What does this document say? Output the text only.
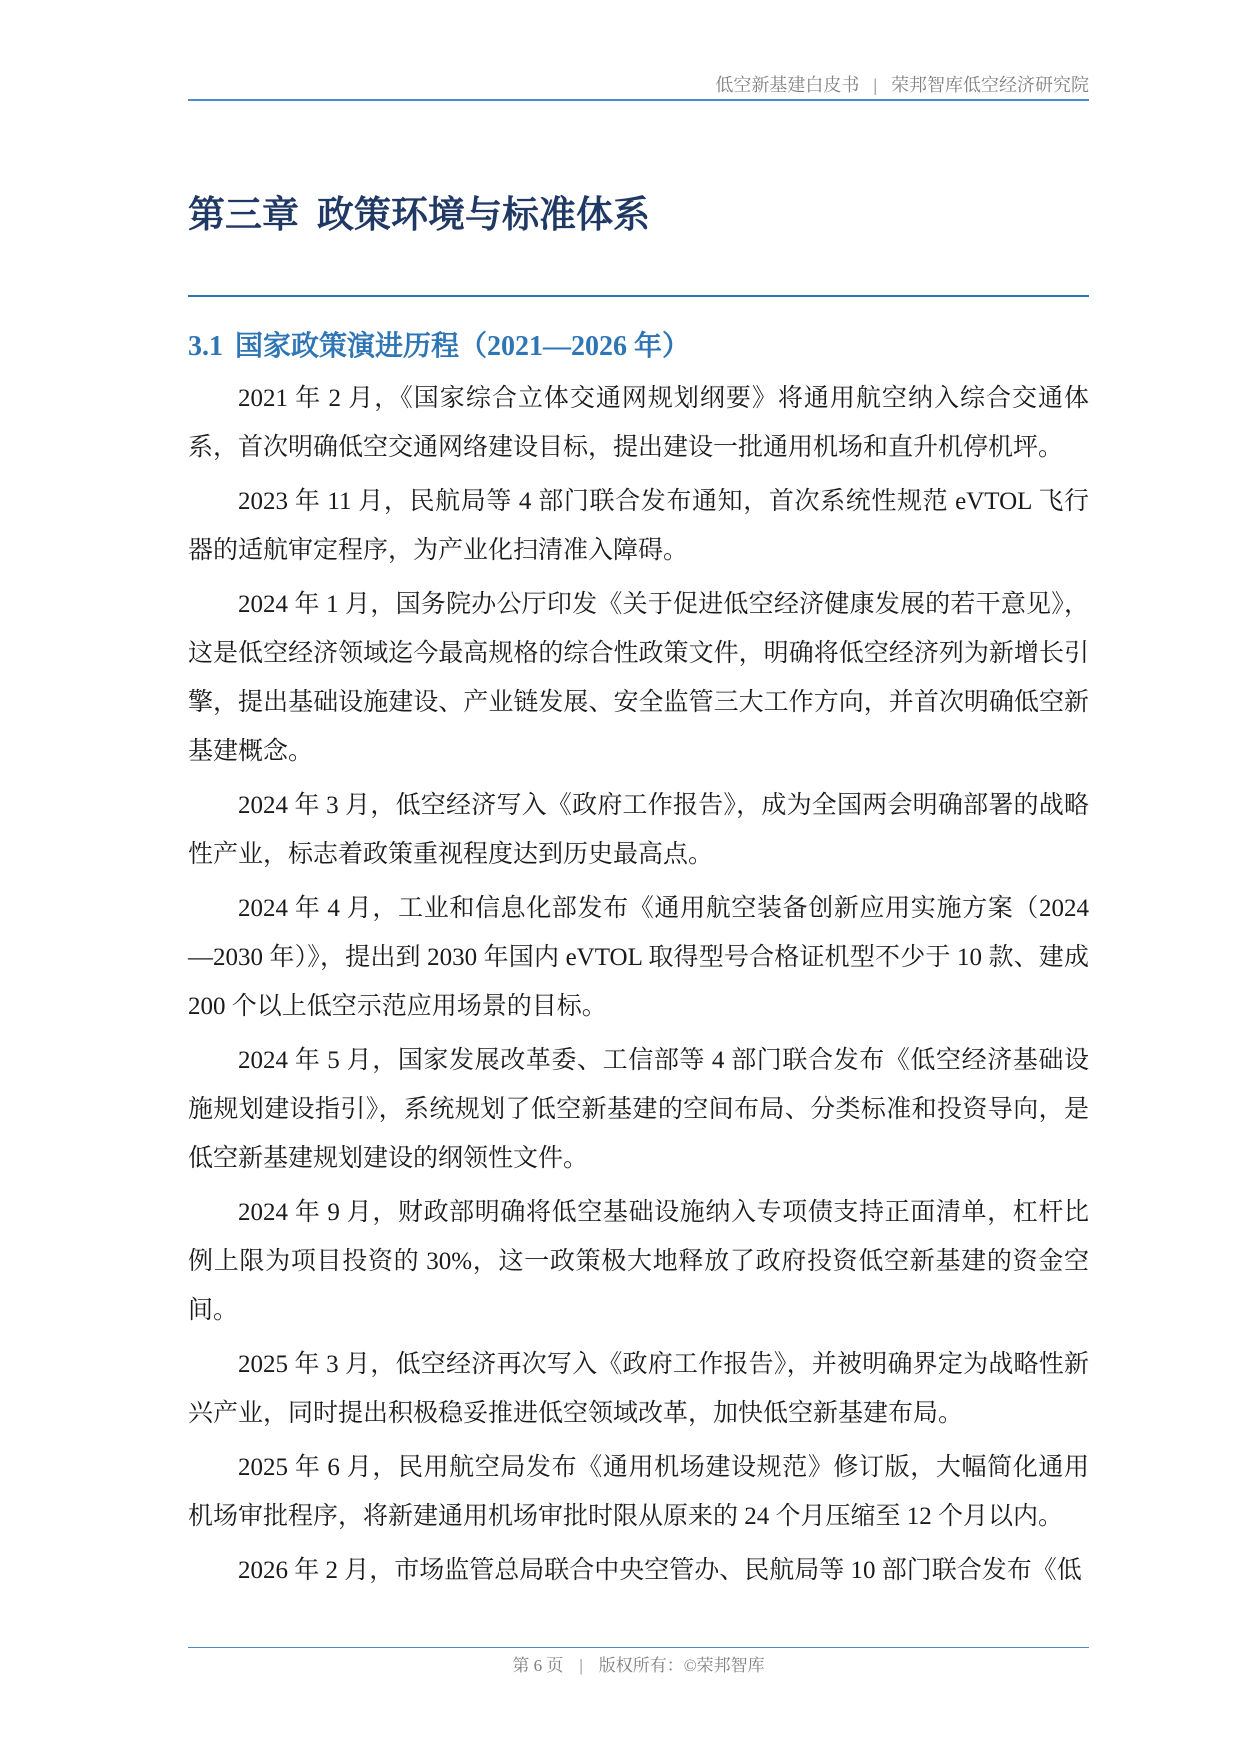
低空新基建白皮书 | 荣邦智库低空经济研究院
第三章 政策环境与标准体系
3.1 国家政策演进历程（2021—2026 年）

2021 年 2 月，《国家综合立体交通网规划纲要》将通用航空纳入综合交通体系，首次明确低空交通网络建设目标，提出建设一批通用机场和直升机停机坪。

2023 年 11 月，民航局等 4 部门联合发布通知，首次系统性规范 eVTOL 飞行器的适航审定程序，为产业化扫清准入障碍。

2024 年 1 月，国务院办公厅印发《关于促进低空经济健康发展的若干意见》，这是低空经济领域迄今最高规格的综合性政策文件，明确将低空经济列为新增长引擎，提出基础设施建设、产业链发展、安全监管三大工作方向，并首次明确低空新基建概念。

2024 年 3 月，低空经济写入《政府工作报告》，成为全国两会明确部署的战略性产业，标志着政策重视程度达到历史最高点。

2024 年 4 月，工业和信息化部发布《通用航空装备创新应用实施方案（2024—2030 年）》，提出到 2030 年国内 eVTOL 取得型号合格证机型不少于 10 款、建成 200 个以上低空示范应用场景的目标。

2024 年 5 月，国家发展改革委、工信部等 4 部门联合发布《低空经济基础设施规划建设指引》，系统规划了低空新基建的空间布局、分类标准和投资导向，是低空新基建规划建设的纲领性文件。

2024 年 9 月，财政部明确将低空基础设施纳入专项债支持正面清单，杠杆比例上限为项目投资的 30%，这一政策极大地释放了政府投资低空新基建的资金空间。

2025 年 3 月，低空经济再次写入《政府工作报告》，并被明确界定为战略性新兴产业，同时提出积极稳妥推进低空领域改革，加快低空新基建布局。

2025 年 6 月，民用航空局发布《通用机场建设规范》修订版，大幅简化通用机场审批程序，将新建通用机场审批时限从原来的 24 个月压缩至 12 个月以内。

2026 年 2 月，市场监管总局联合中央空管办、民航局等 10 部门联合发布《低

第 6 页 | 版权所有：©荣邦智库
